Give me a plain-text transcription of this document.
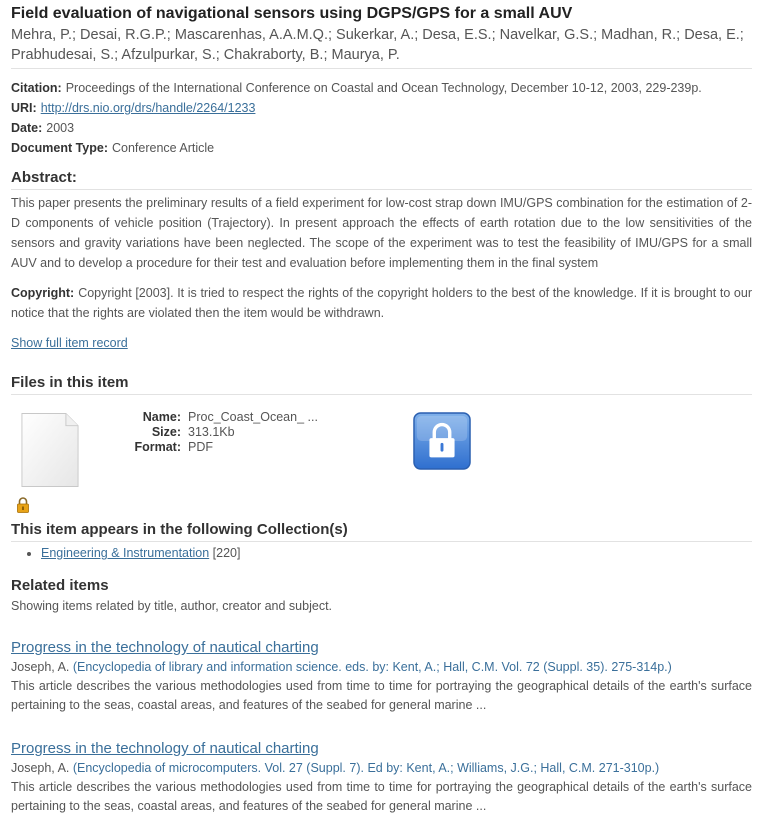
Field evaluation of navigational sensors using DGPS/GPS for a small AUV
Mehra, P.; Desai, R.G.P.; Mascarenhas, A.A.M.Q.; Sukerkar, A.; Desa, E.S.; Navelkar, G.S.; Madhan, R.; Desa, E.; Prabhudesai, S.; Afzulpurkar, S.; Chakraborty, B.; Maurya, P.
Citation: Proceedings of the International Conference on Coastal and Ocean Technology, December 10-12, 2003, 229-239p.
URI: http://drs.nio.org/drs/handle/2264/1233
Date: 2003
Document Type: Conference Article
Abstract:
This paper presents the preliminary results of a field experiment for low-cost strap down IMU/GPS combination for the estimation of 2-D components of vehicle position (Trajectory). In present approach the effects of earth rotation due to the low sensitivities of the sensors and gravity variations have been neglected. The scope of the experiment was to test the feasibility of IMU/GPS for a small AUV and to develop a procedure for their test and evaluation before implementing them in the final system
Copyright: Copyright [2003]. It is tried to respect the rights of the copyright holders to the best of the knowledge. If it is brought to our notice that the rights are violated then the item would be withdrawn.
Show full item record
Files in this item
Name: Proc_Coast_Ocean_ ...
Size: 313.1Kb
Format: PDF
This item appears in the following Collection(s)
• Engineering & Instrumentation [220]
Related items
Showing items related by title, author, creator and subject.
Progress in the technology of nautical charting
Joseph, A. (Encyclopedia of library and information science. eds. by: Kent, A.; Hall, C.M. Vol. 72 (Suppl. 35). 275-314p.)
This article describes the various methodologies used from time to time for portraying the geographical details of the earth's surface pertaining to the seas, coastal areas, and features of the seabed for general marine ...
Progress in the technology of nautical charting
Joseph, A. (Encyclopedia of microcomputers. Vol. 27 (Suppl. 7). Ed by: Kent, A.; Williams, J.G.; Hall, C.M. 271-310p.)
This article describes the various methodologies used from time to time for portraying the geographical details of the earth's surface pertaining to the seas, coastal areas, and features of the seabed for general marine ...
